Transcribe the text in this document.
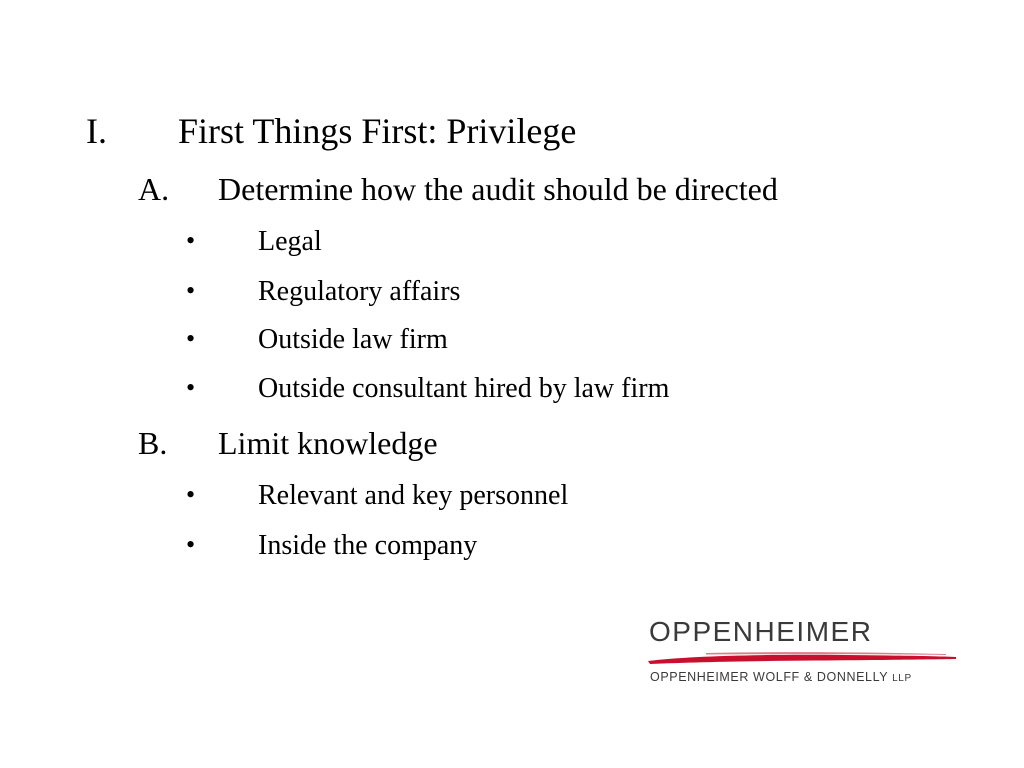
I. First Things First: Privilege
A. Determine how the audit should be directed
• Legal
• Regulatory affairs
• Outside law firm
• Outside consultant hired by law firm
B. Limit knowledge
• Relevant and key personnel
• Inside the company
OPPENHEIMER
OPPENHEIMER WOLFF & DONNELLY LLP
